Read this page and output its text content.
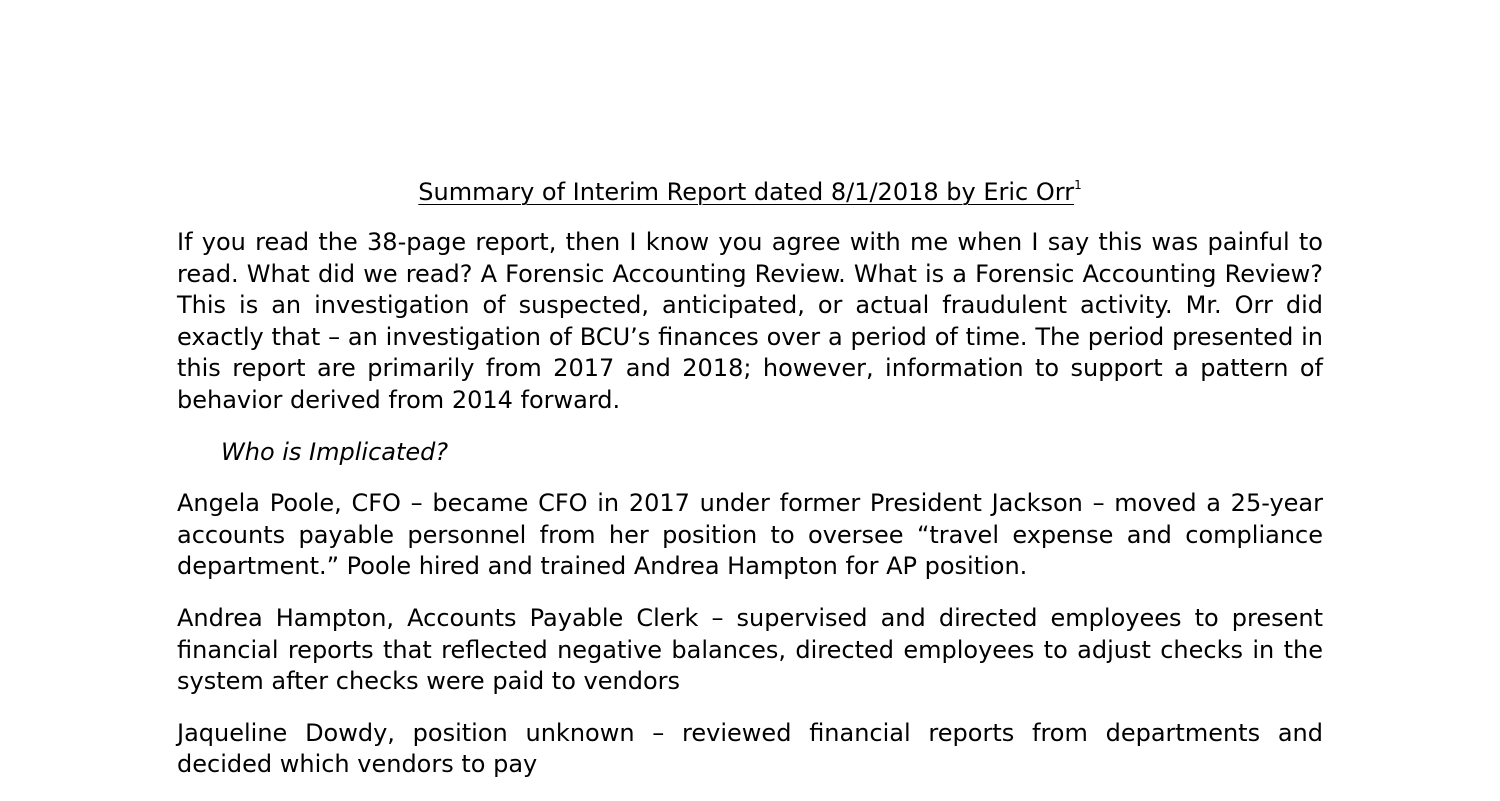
Summary of Interim Report dated 8/1/2018 by Eric Orr$^1$

If you read the 38-page report, then I know you agree with me when I say this was painful to read. What did we read? A Forensic Accounting Review. What is a Forensic Accounting Review? This is an investigation of suspected, anticipated, or actual fraudulent activity. Mr. Orr did exactly that – an investigation of BCU’s finances over a period of time. The period presented in this report are primarily from 2017 and 2018; however, information to support a pattern of behavior derived from 2014 forward.

Who is Implicated?

Angela Poole, CFO – became CFO in 2017 under former President Jackson – moved a 25-year accounts payable personnel from her position to oversee “travel expense and compliance department.” Poole hired and trained Andrea Hampton for AP position.

Andrea Hampton, Accounts Payable Clerk – supervised and directed employees to present financial reports that reflected negative balances, directed employees to adjust checks in the system after checks were paid to vendors

Jaqueline Dowdy, position unknown – reviewed financial reports from departments and decided which vendors to pay
